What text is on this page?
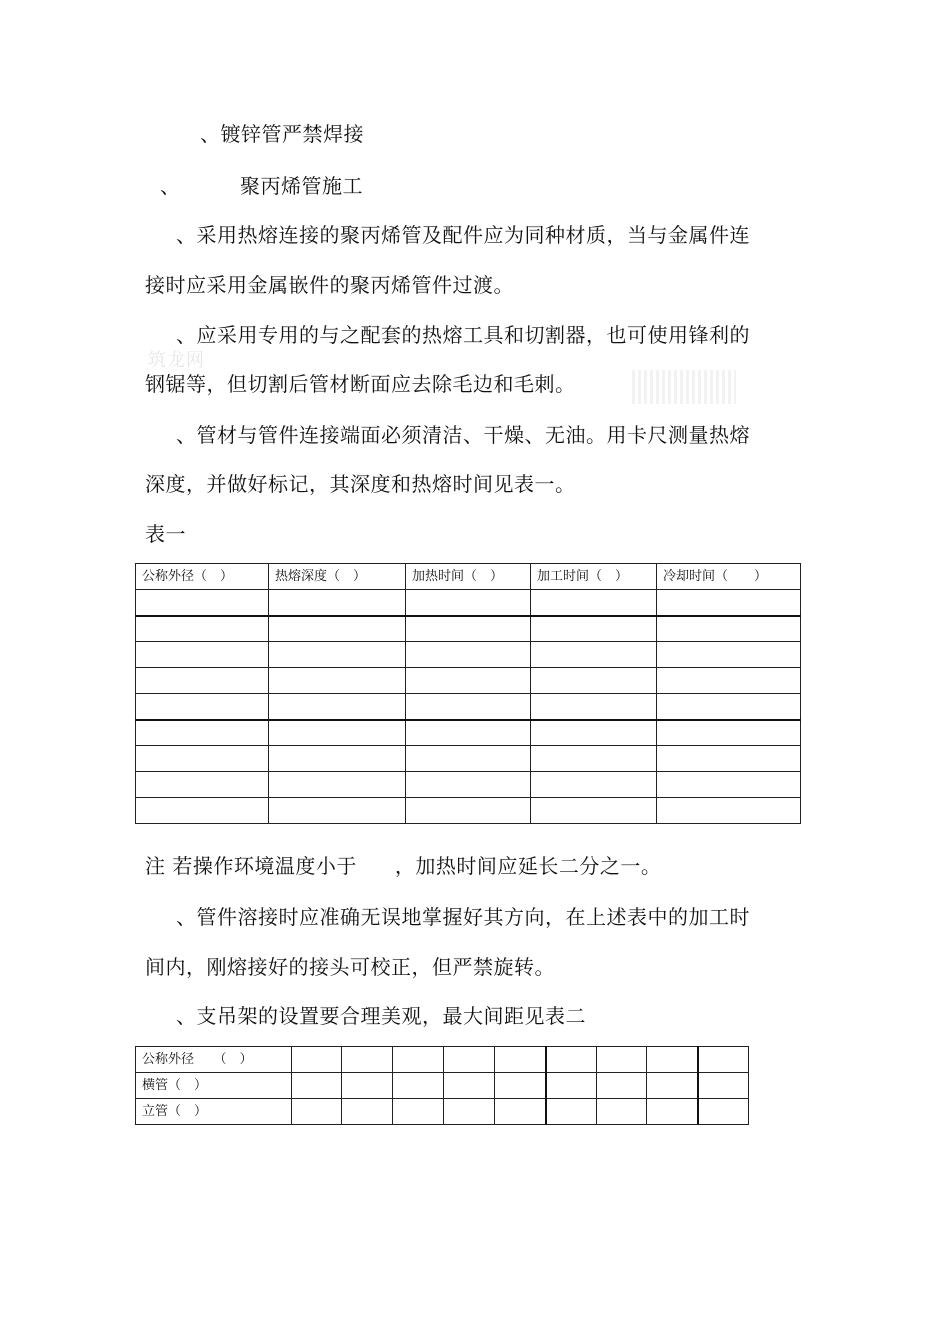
、镀锌管严禁焊接
、	聚丙烯管施工
、采用热熔连接的聚丙烯管及配件应为同种材质，当与金属件连
接时应采用金属嵌件的聚丙烯管件过渡。
筑龙网
、应采用专用的与之配套的热熔工具和切割器，也可使用锋利的
钢锯等，但切割后管材断面应去除毛边和毛刺。
、管材与管件连接端面必须清洁、干燥、无油。用卡尺测量热熔
深度，并做好标记，其深度和热熔时间见表一。
表一
公称外径（　）	热熔深度（　）	加热时间（　）	加工时间（　）	冷却时间（　　）

注 若操作环境温度小于 ，加热时间应延长二分之一。
、管件溶接时应准确无误地掌握好其方向，在上述表中的加工时
间内，刚熔接好的接头可校正，但严禁旋转。
、支吊架的设置要合理美观，最大间距见表二
公称外径　　（　）									
横管（　）									
立管（　）									
